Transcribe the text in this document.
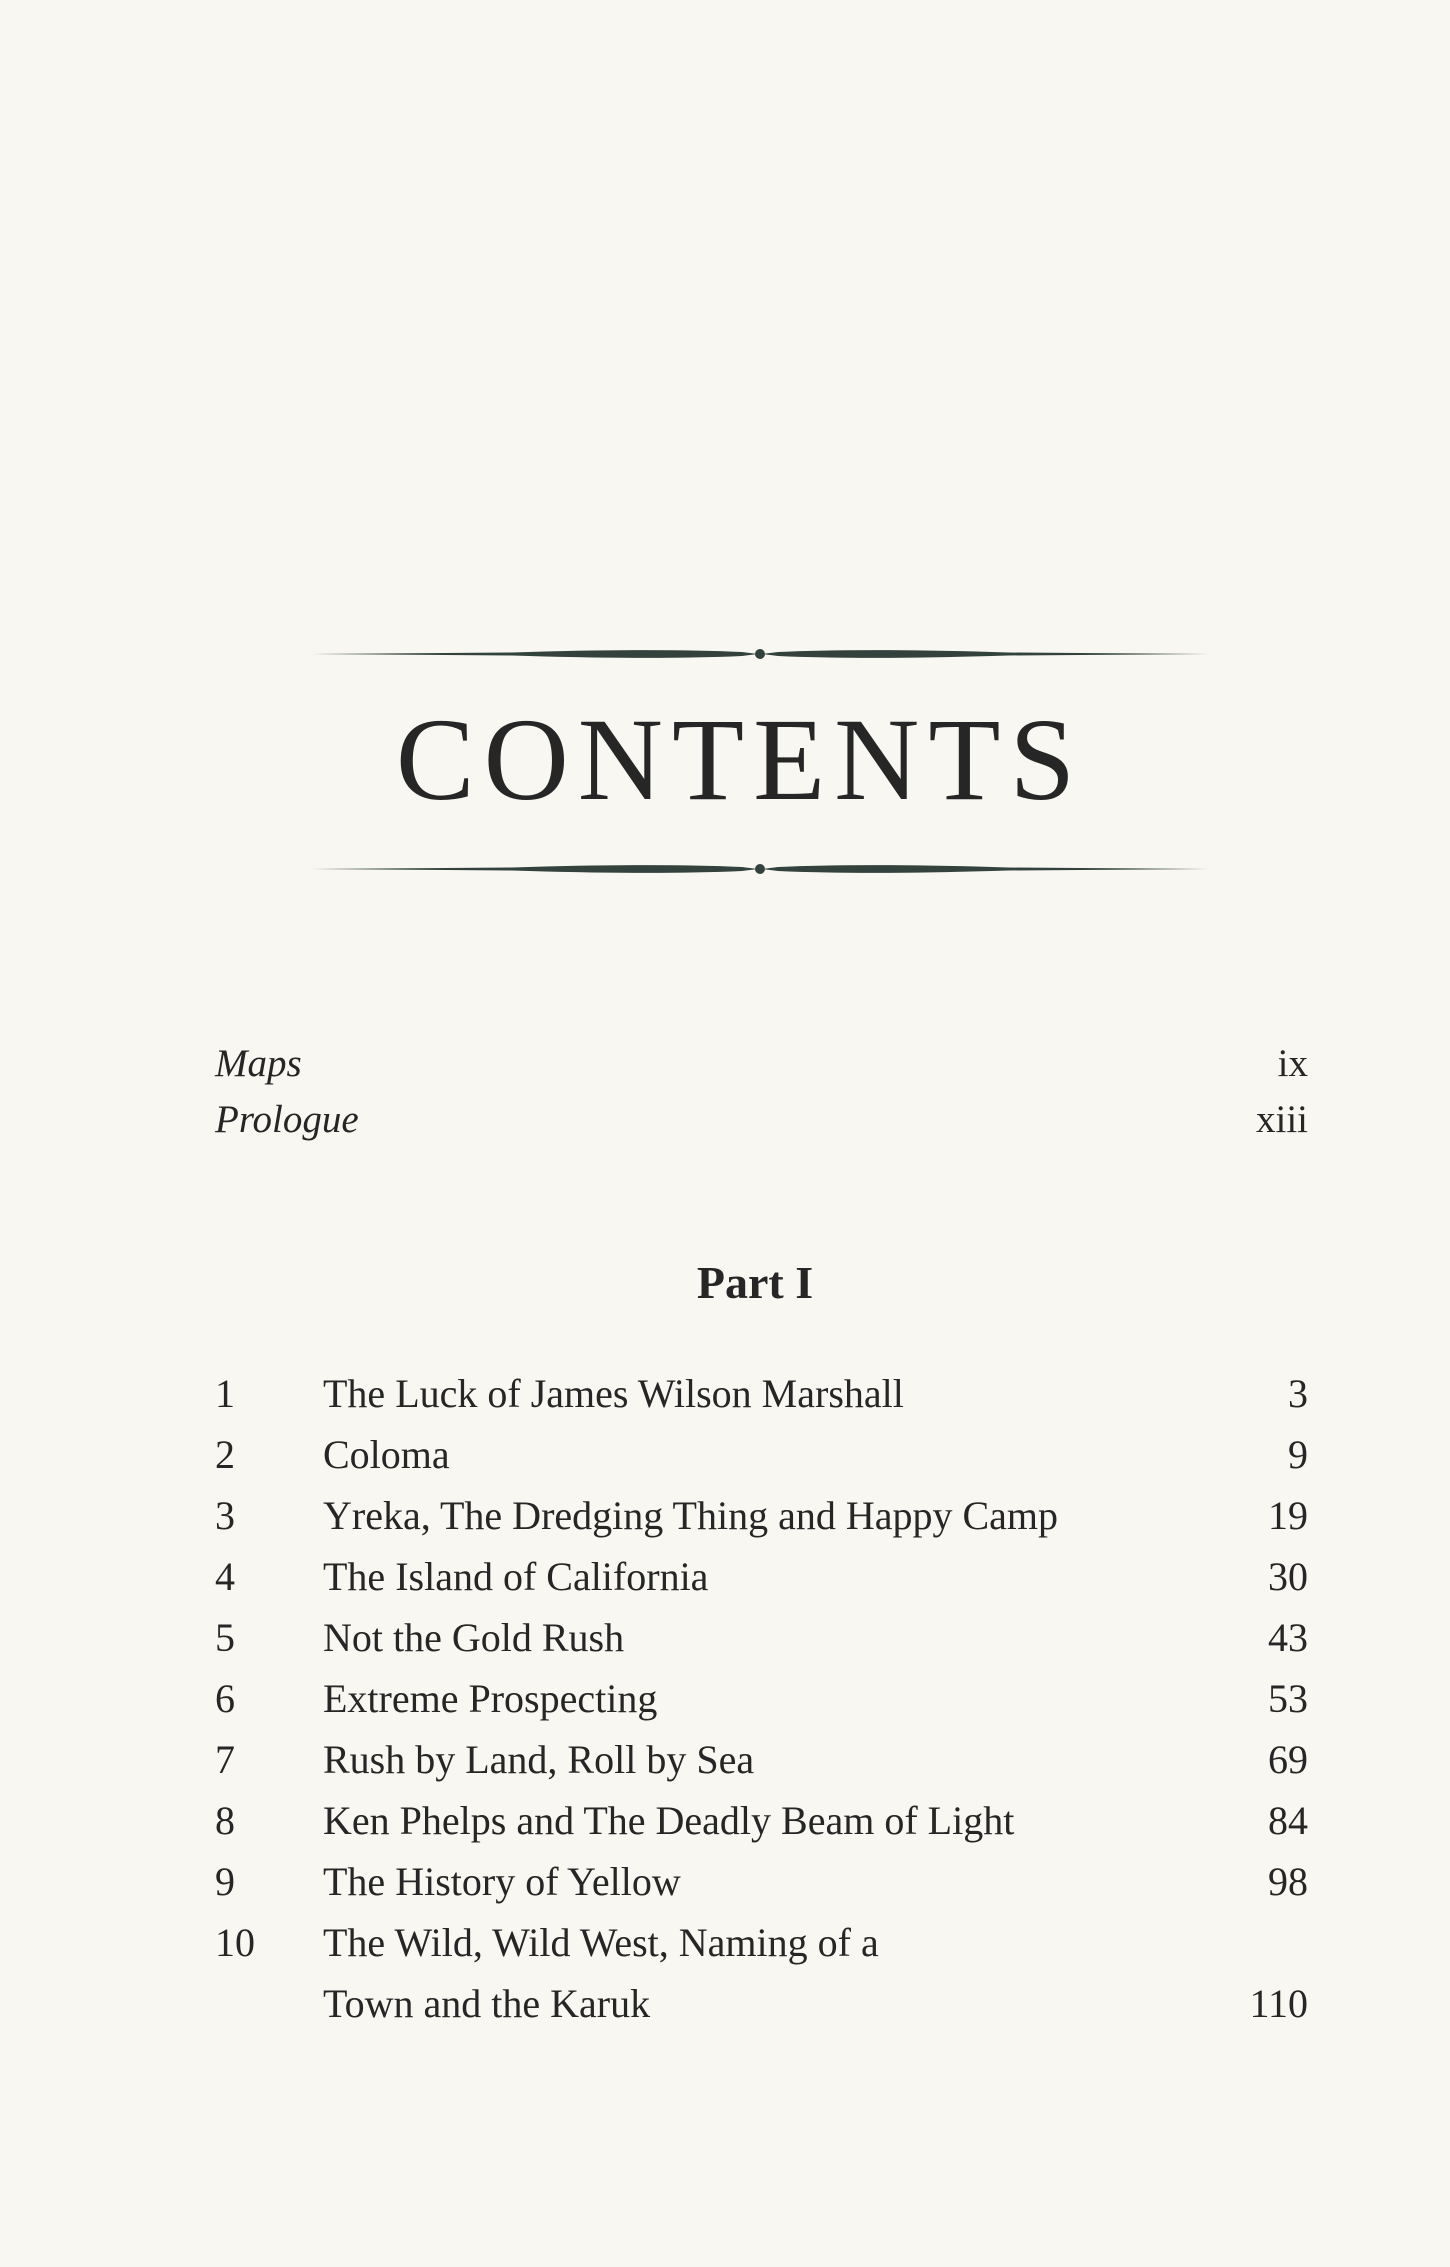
CONTENTS
Maps	ix
Prologue	xiii
Part I
1 The Luck of James Wilson Marshall	3
2 Coloma	9
3 Yreka, The Dredging Thing and Happy Camp	19
4 The Island of California	30
5 Not the Gold Rush	43
6 Extreme Prospecting	53
7 Rush by Land, Roll by Sea	69
8 Ken Phelps and The Deadly Beam of Light	84
9 The History of Yellow	98
10 The Wild, Wild West, Naming of a
Town and the Karuk	110
